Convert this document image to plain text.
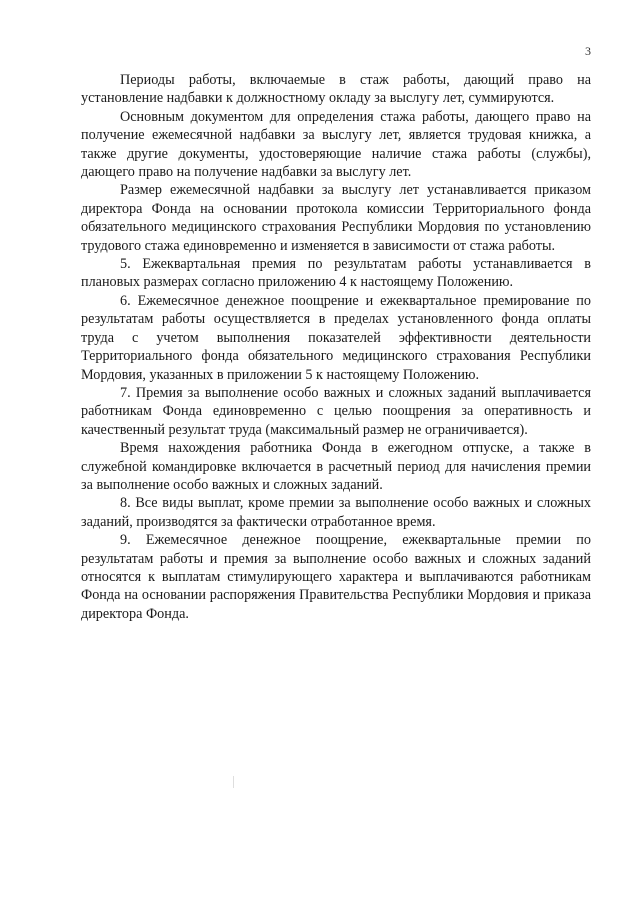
3

Периоды работы, включаемые в стаж работы, дающий право на установление надбавки к должностному окладу за выслугу лет, суммируются.

Основным документом для определения стажа работы, дающего право на получение ежемесячной надбавки за выслугу лет, является трудовая книжка, а также другие документы, удостоверяющие наличие стажа работы (службы), дающего право на получение надбавки за выслугу лет.

Размер ежемесячной надбавки за выслугу лет устанавливается приказом директора Фонда на основании протокола комиссии Территориального фонда обязательного медицинского страхования Республики Мордовия по установлению трудового стажа единовременно и изменяется в зависимости от стажа работы.

5. Ежеквартальная премия по результатам работы устанавливается в плановых размерах согласно приложению 4 к настоящему Положению.

6. Ежемесячное денежное поощрение и ежеквартальное премирование по результатам работы осуществляется в пределах установленного фонда оплаты труда с учетом выполнения показателей эффективности деятельности Территориального фонда обязательного медицинского страхования Республики Мордовия, указанных в приложении 5 к настоящему Положению.

7. Премия за выполнение особо важных и сложных заданий выплачивается работникам Фонда единовременно с целью поощрения за оперативность и качественный результат труда (максимальный размер не ограничивается).

Время нахождения работника Фонда в ежегодном отпуске, а также в служебной командировке включается в расчетный период для начисления премии за выполнение особо важных и сложных заданий.

8. Все виды выплат, кроме премии за выполнение особо важных и сложных заданий, производятся за фактически отработанное время.

9. Ежемесячное денежное поощрение, ежеквартальные премии по результатам работы и премия за выполнение особо важных и сложных заданий относятся к выплатам стимулирующего характера и выплачиваются работникам Фонда на основании распоряжения Правительства Республики Мордовия и приказа директора Фонда.
